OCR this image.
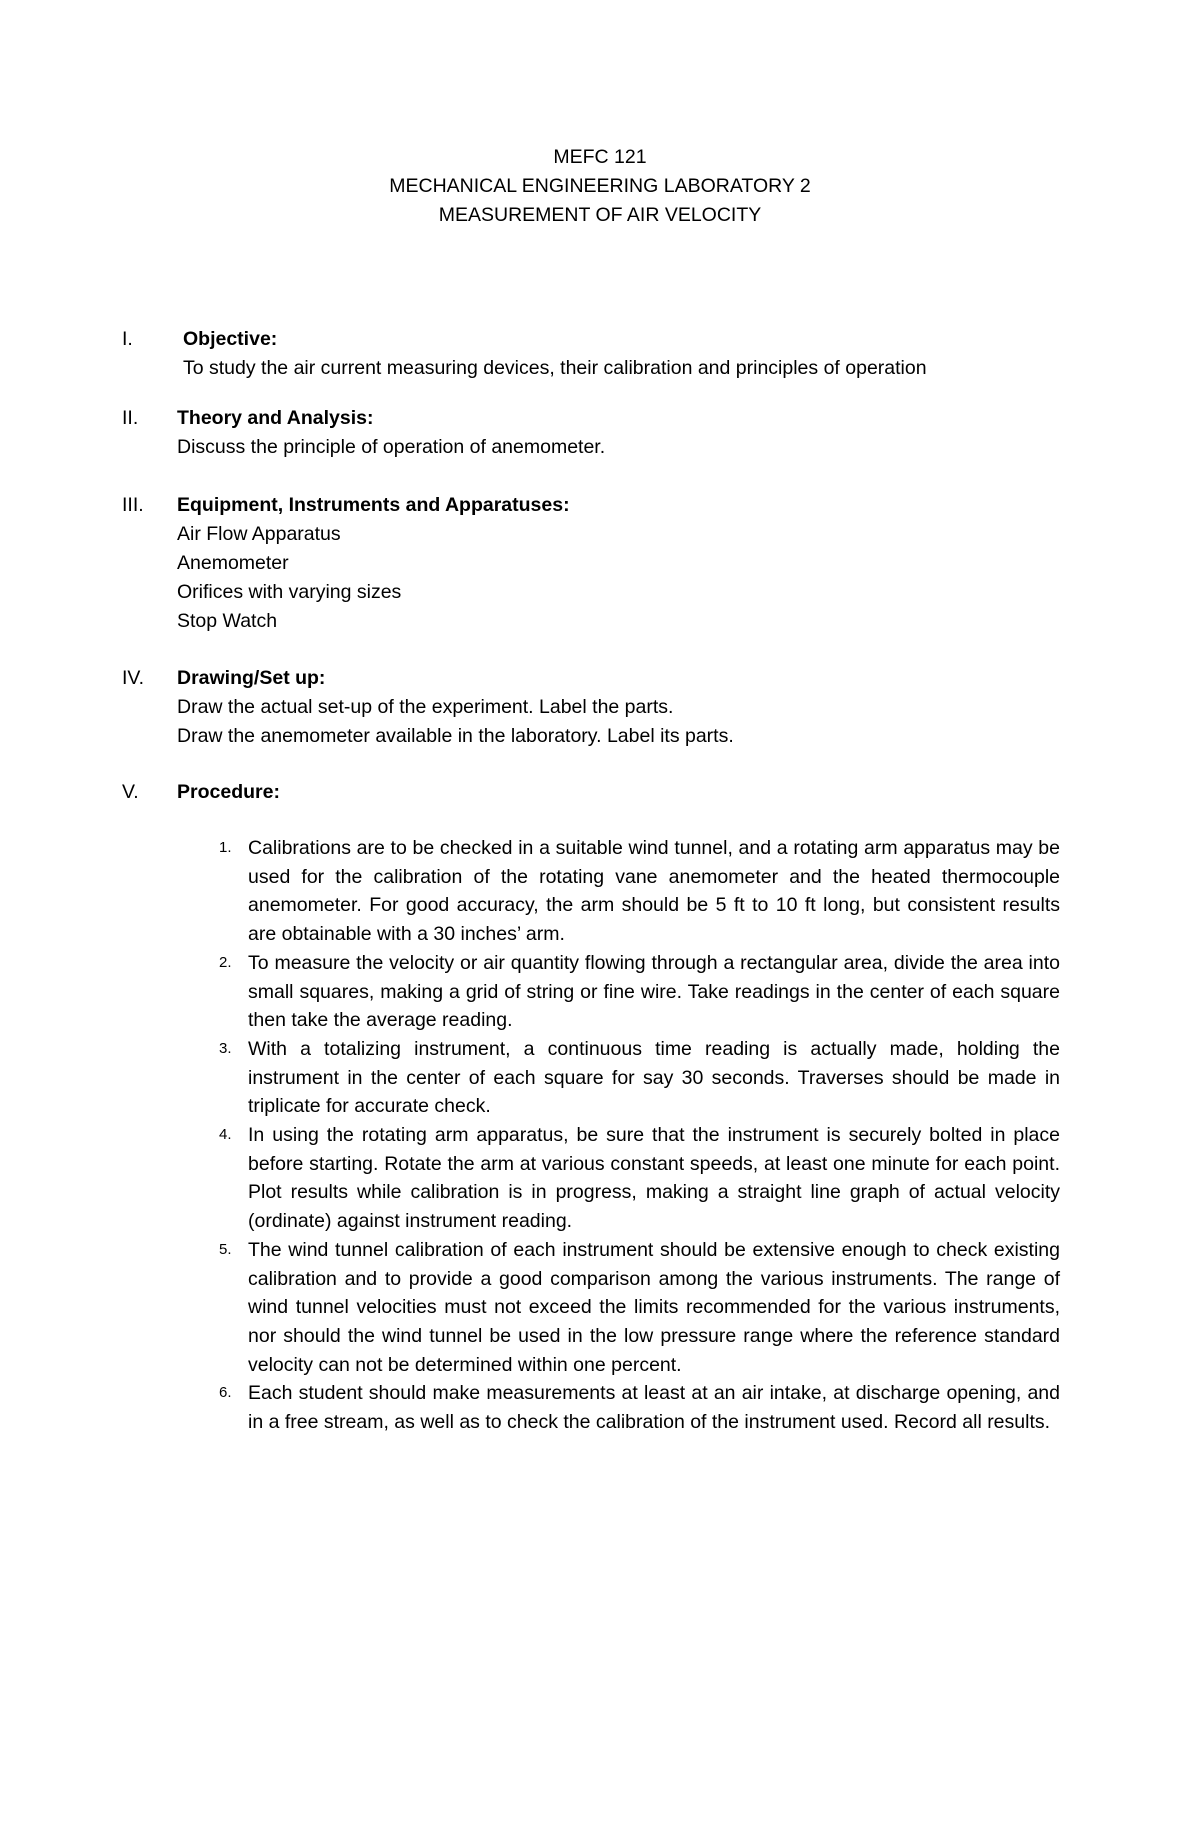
MEFC 121
MECHANICAL ENGINEERING LABORATORY 2
MEASUREMENT OF AIR VELOCITY
I.	Objective:
To study the air current measuring devices, their calibration and principles of operation
II.	Theory and Analysis:
Discuss the principle of operation of anemometer.
III.	Equipment, Instruments and Apparatuses:
Air Flow Apparatus
Anemometer
Orifices with varying sizes
Stop Watch
IV.	Drawing/Set up:
Draw the actual set-up of the experiment. Label the parts.
Draw the anemometer available in the laboratory. Label its parts.
V.	Procedure:
1. Calibrations are to be checked in a suitable wind tunnel, and a rotating arm apparatus may be used for the calibration of the rotating vane anemometer and the heated thermocouple anemometer. For good accuracy, the arm should be 5 ft to 10 ft long, but consistent results are obtainable with a 30 inches’ arm.
2. To measure the velocity or air quantity flowing through a rectangular area, divide the area into small squares, making a grid of string or fine wire. Take readings in the center of each square then take the average reading.
3. With a totalizing instrument, a continuous time reading is actually made, holding the instrument in the center of each square for say 30 seconds. Traverses should be made in triplicate for accurate check.
4. In using the rotating arm apparatus, be sure that the instrument is securely bolted in place before starting. Rotate the arm at various constant speeds, at least one minute for each point. Plot results while calibration is in progress, making a straight line graph of actual velocity (ordinate) against instrument reading.
5. The wind tunnel calibration of each instrument should be extensive enough to check existing calibration and to provide a good comparison among the various instruments. The range of wind tunnel velocities must not exceed the limits recommended for the various instruments, nor should the wind tunnel be used in the low pressure range where the reference standard velocity can not be determined within one percent.
6. Each student should make measurements at least at an air intake, at discharge opening, and in a free stream, as well as to check the calibration of the instrument used. Record all results.
